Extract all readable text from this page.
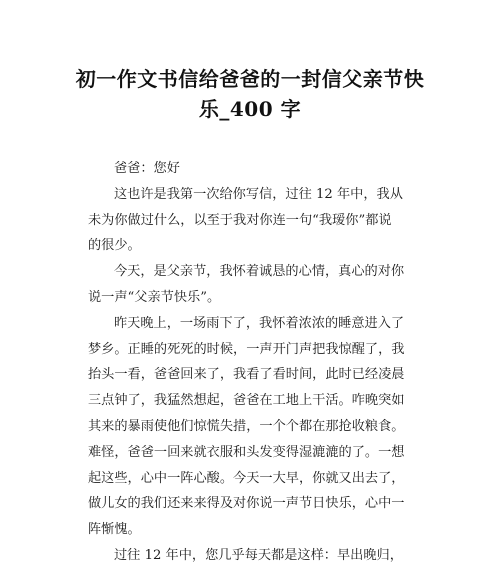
初一作文书信给爸爸的一封信父亲节快
乐_400 字
爸爸：您好
这也许是我第一次给你写信，过往 12 年中，我从
未为你做过什么，以至于我对你连一句“我瑷你”都说
的很少。
今天，是父亲节，我怀着诚恳的心情，真心的对你
说一声“父亲节快乐”。
昨天晚上，一场雨下了，我怀着浓浓的睡意进入了
梦乡。正睡的死死的时候，一声开门声把我惊醒了，我
抬头一看，爸爸回来了，我看了看时间，此时已经凌晨
三点钟了，我猛然想起，爸爸在工地上干活。咋晚突如
其来的暴雨使他们惊慌失措，一个个都在那抢收粮食。
难怪，爸爸一回来就衣服和头发变得湿漉漉的了。一想
起这些，心中一阵心酸。今天一大早，你就又出去了，
做儿女的我们还来来得及对你说一声节日快乐，心中一
阵惭愧。
过往 12 年中，您几乎每天都是这样：早出晚归，
